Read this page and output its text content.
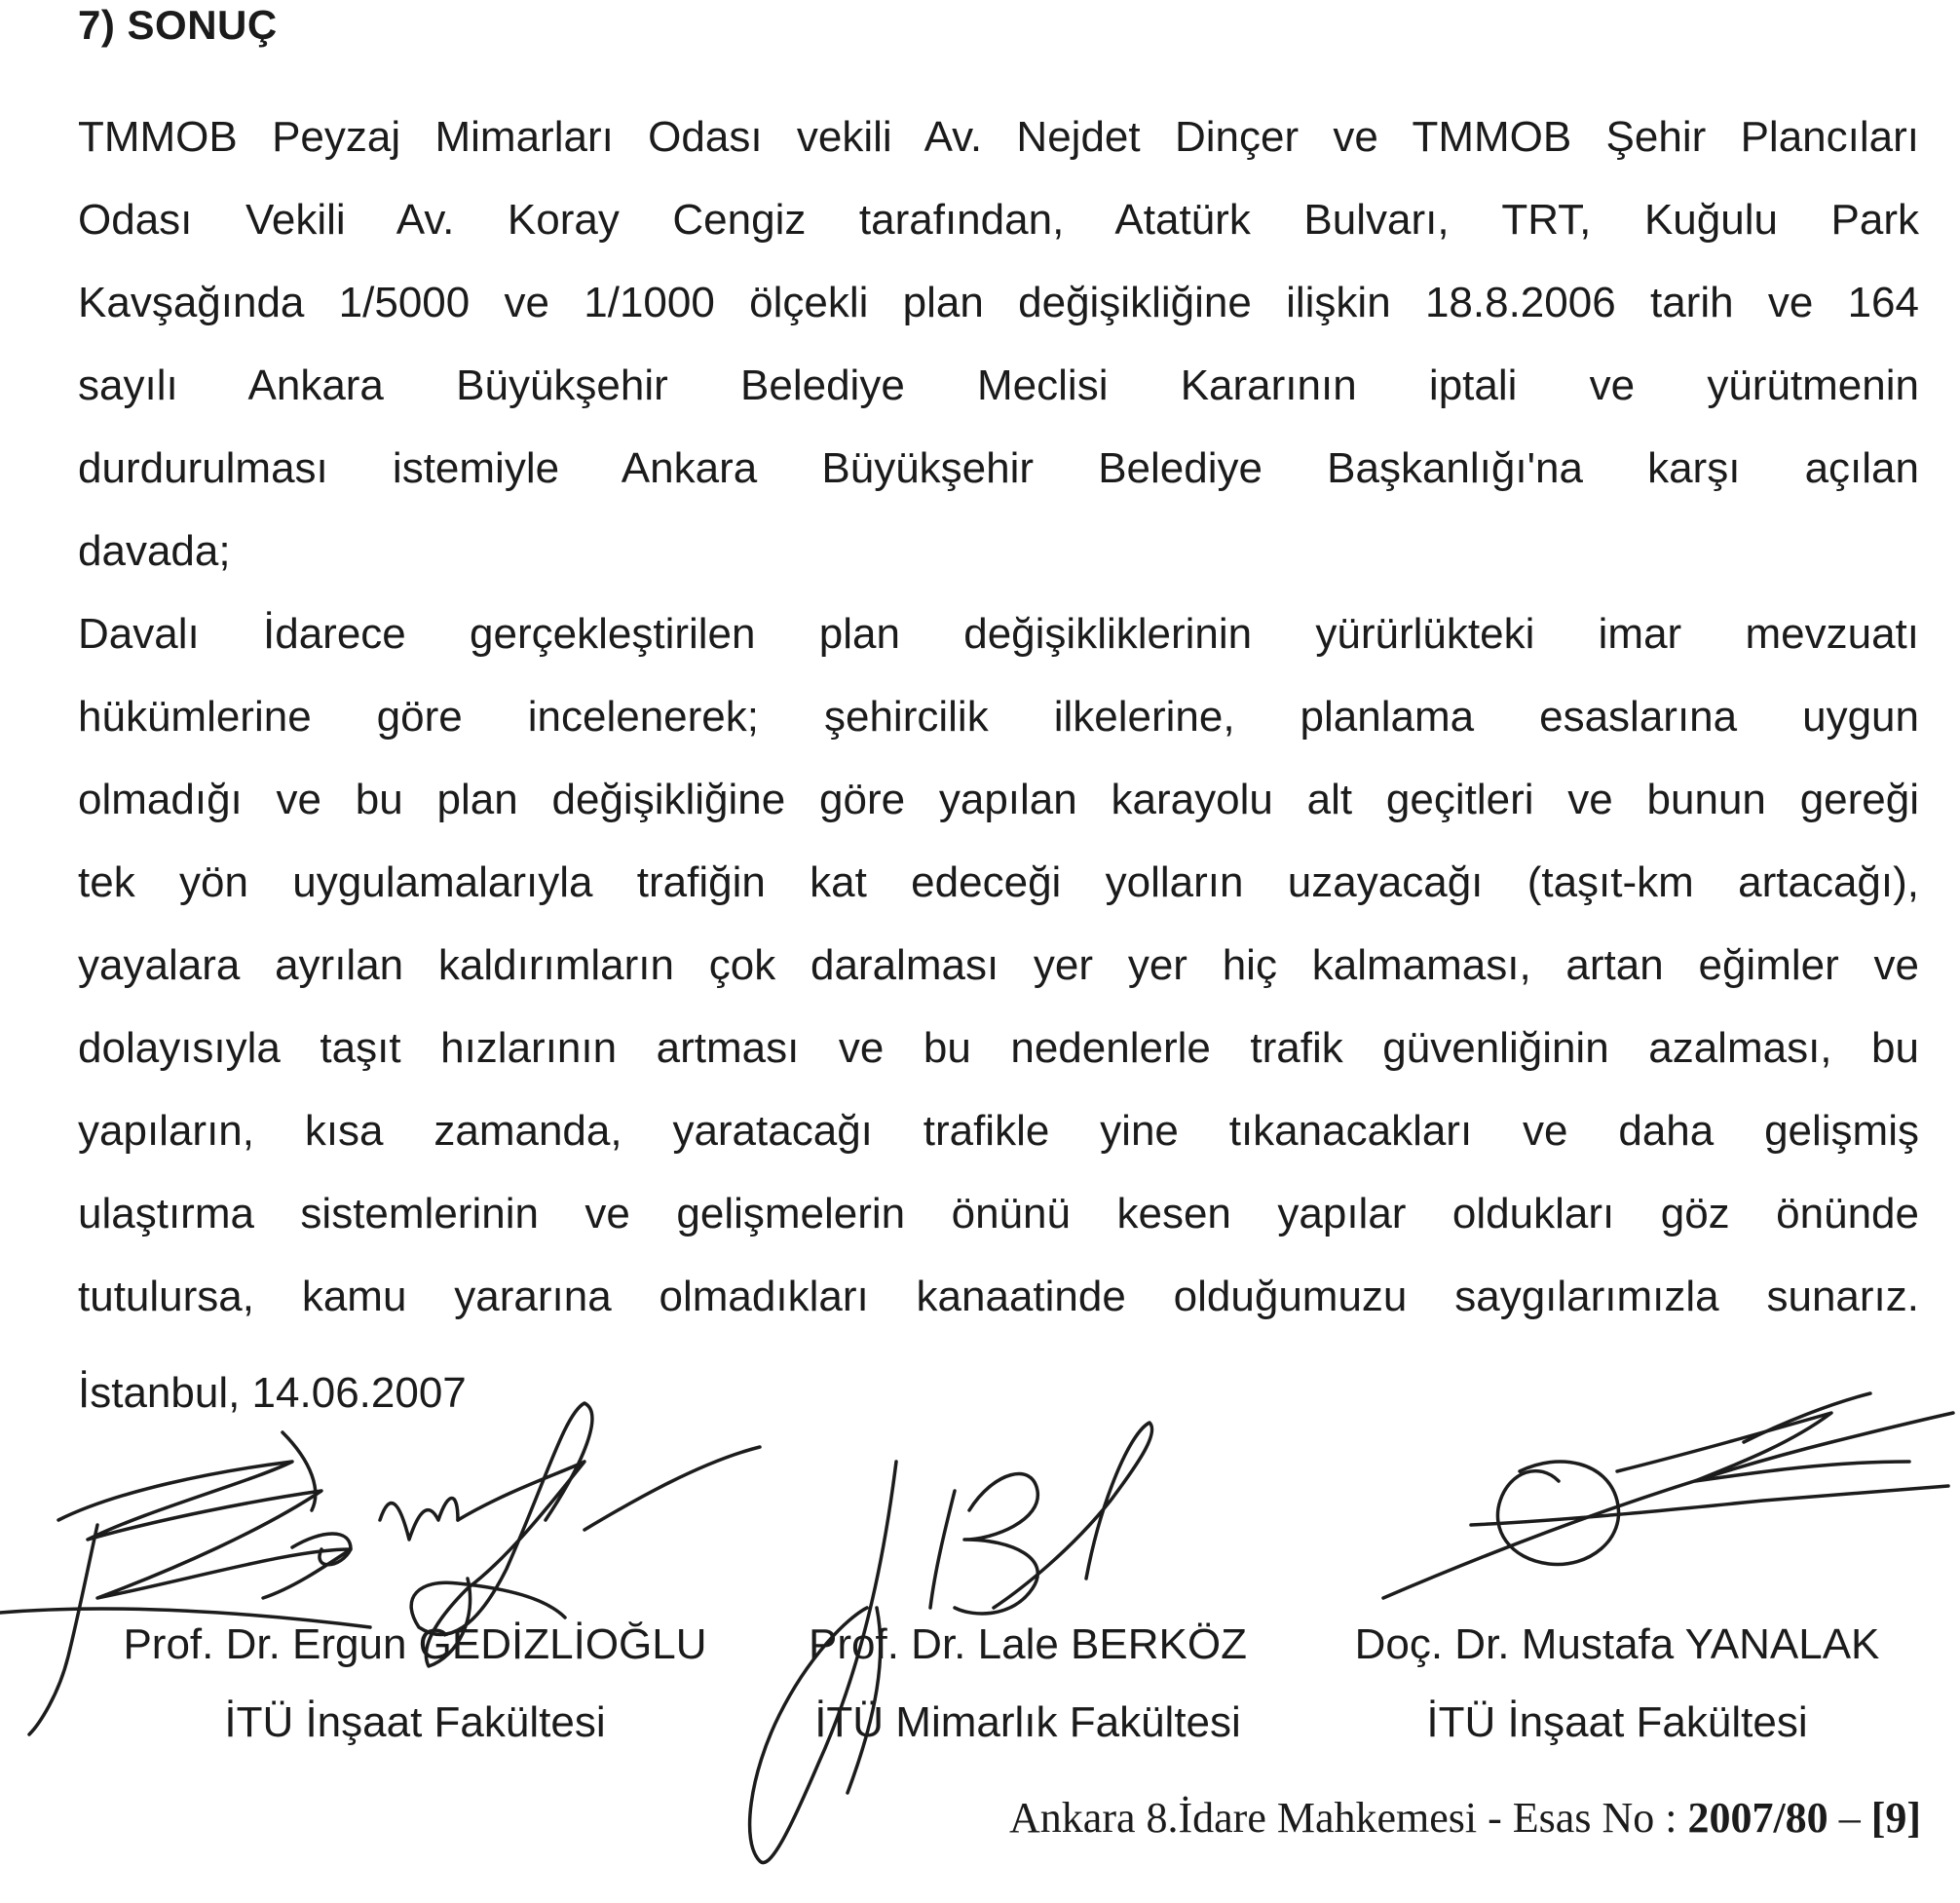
7) SONUÇ
TMMOB Peyzaj Mimarları Odası vekili Av. Nejdet Dinçer ve TMMOB Şehir Plancıları
Odası Vekili Av. Koray Cengiz tarafından, Atatürk Bulvarı, TRT, Kuğulu Park
Kavşağında 1/5000 ve 1/1000 ölçekli plan değişikliğine ilişkin 18.8.2006 tarih ve 164
sayılı Ankara Büyükşehir Belediye Meclisi Kararının iptali ve yürütmenin
durdurulması istemiyle Ankara Büyükşehir Belediye Başkanlığı'na karşı açılan
davada;
Davalı İdarece gerçekleştirilen plan değişikliklerinin yürürlükteki imar mevzuatı
hükümlerine göre incelenerek; şehircilik ilkelerine, planlama esaslarına uygun
olmadığı ve bu plan değişikliğine göre yapılan karayolu alt geçitleri ve bunun gereği
tek yön uygulamalarıyla trafiğin kat edeceği yolların uzayacağı (taşıt-km artacağı),
yayalara ayrılan kaldırımların çok daralması yer yer hiç kalmaması, artan eğimler ve
dolayısıyla taşıt hızlarının artması ve bu nedenlerle trafik güvenliğinin azalması, bu
yapıların, kısa zamanda, yaratacağı trafikle yine tıkanacakları ve daha gelişmiş
ulaştırma sistemlerinin ve gelişmelerin önünü kesen yapılar oldukları göz önünde
tutulursa, kamu yararına olmadıkları kanaatinde olduğumuzu saygılarımızla sunarız.
İstanbul, 14.06.2007
Prof. Dr. Ergun GEDİZLİOĞLU
İTÜ İnşaat Fakültesi
Prof. Dr. Lale BERKÖZ
İTÜ Mimarlık Fakültesi
Doç. Dr. Mustafa YANALAK
İTÜ İnşaat Fakültesi
Ankara 8.İdare Mahkemesi - Esas No : 2007/80 – [9]
